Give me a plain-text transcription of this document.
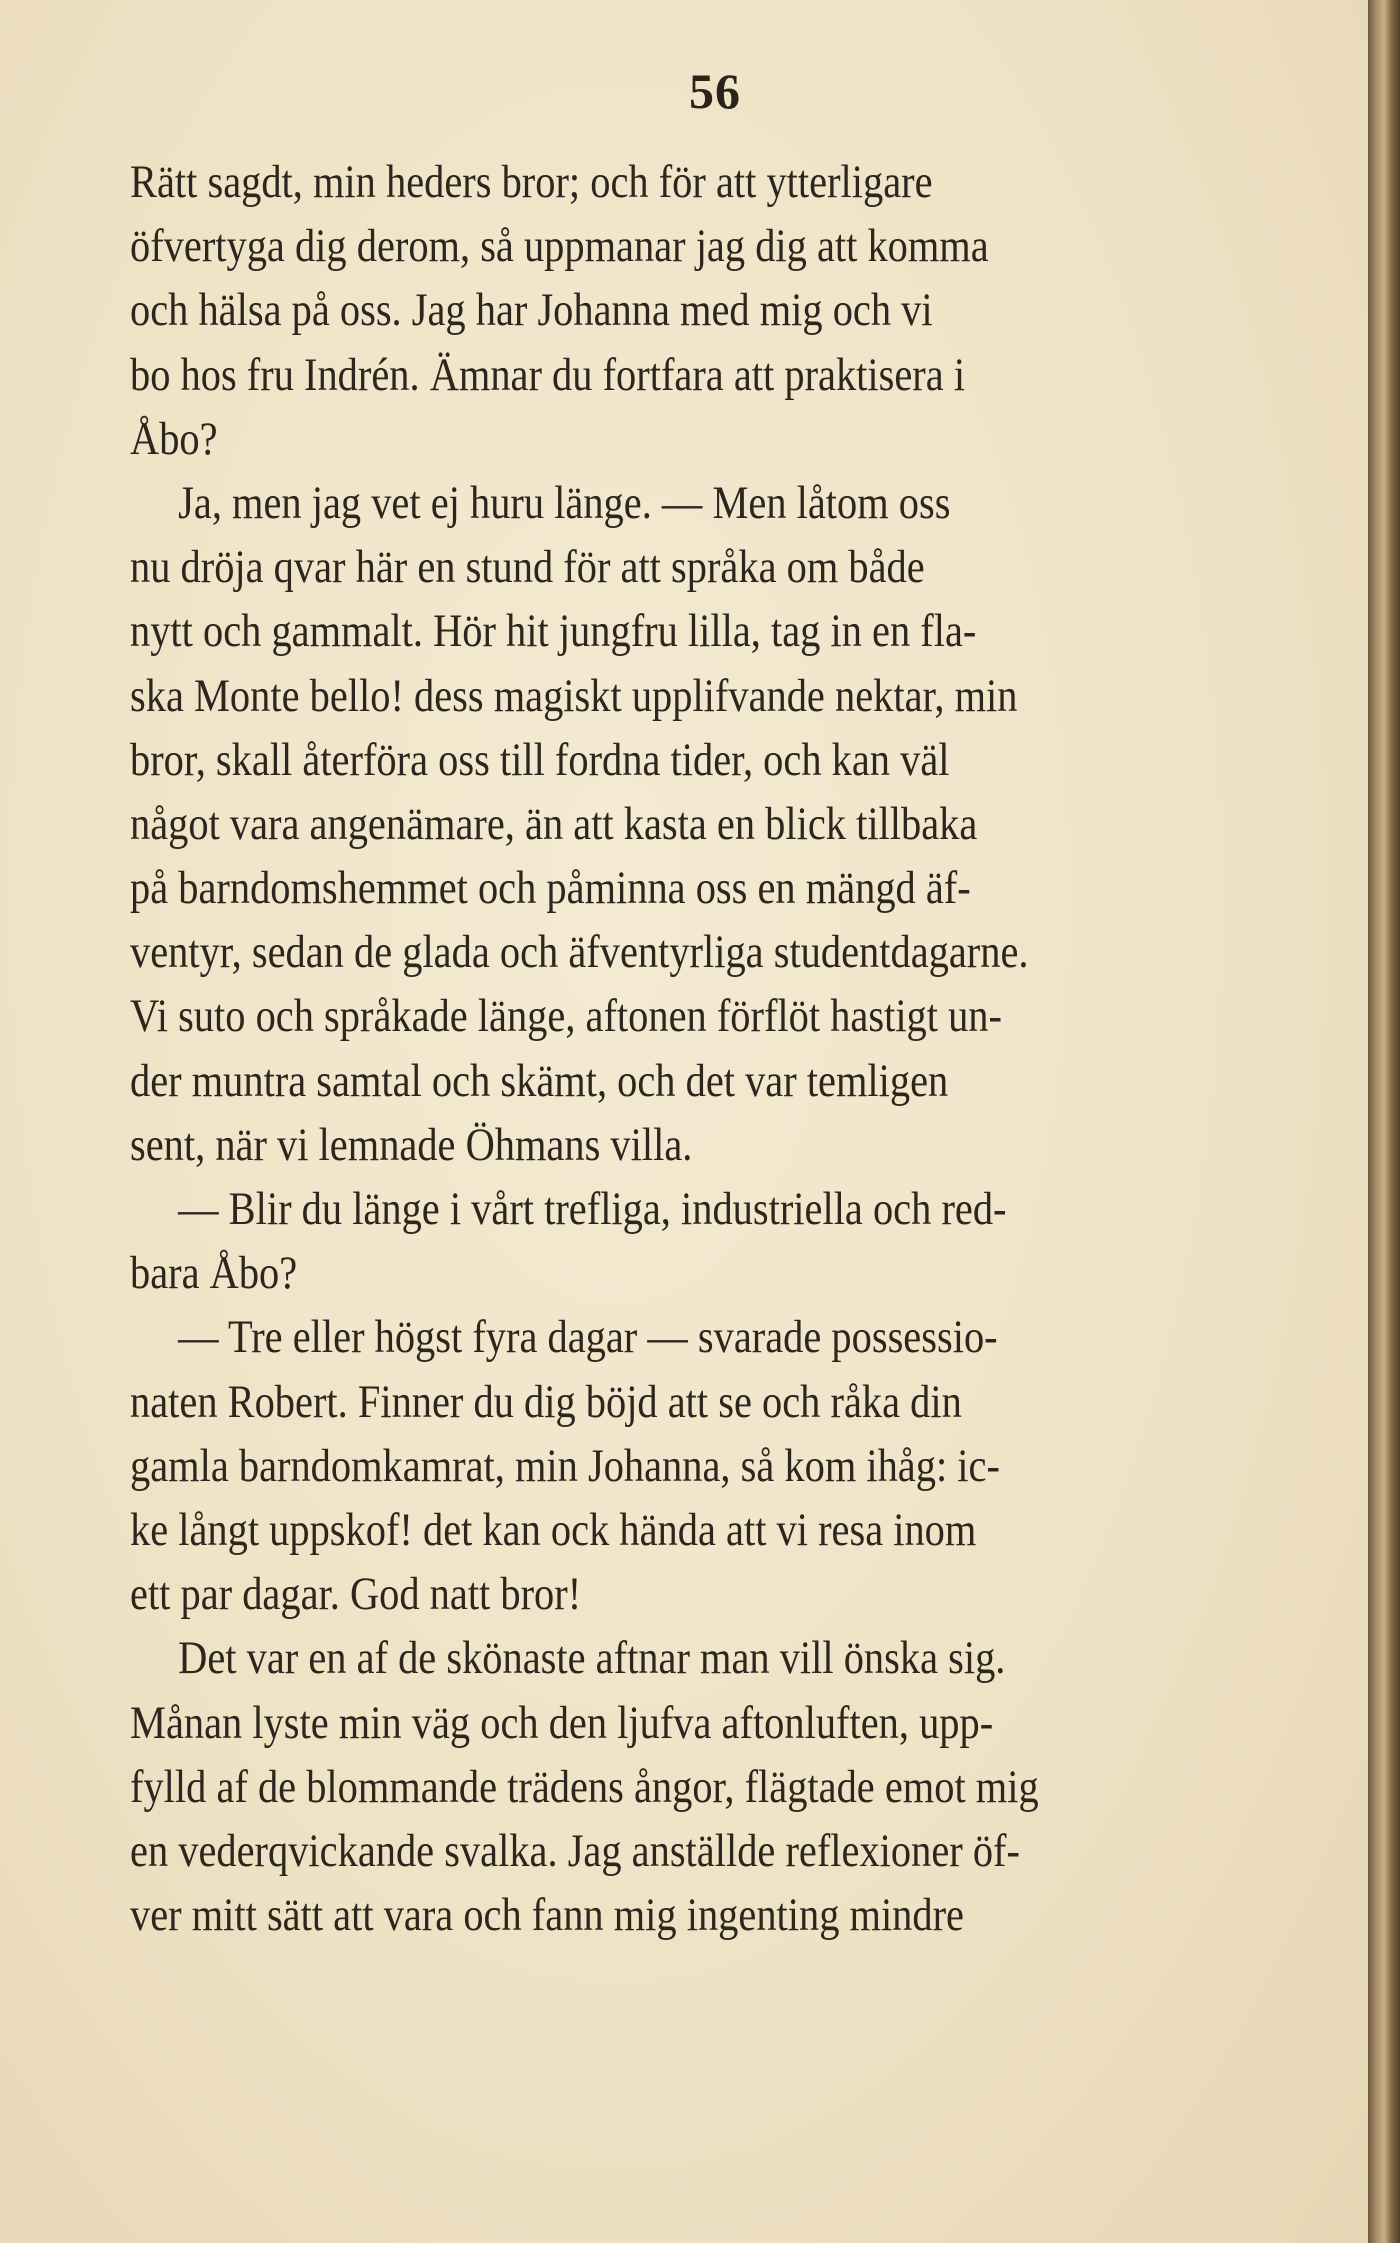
56
Rätt sagdt, min heders bror; och för att ytterligare
öfvertyga dig derom, så uppmanar jag dig att komma
och hälsa på oss. Jag har Johanna med mig och vi
bo hos fru Indrén. Ämnar du fortfara att praktisera i
Åbo?
Ja, men jag vet ej huru länge. — Men låtom oss
nu dröja qvar här en stund för att språka om både
nytt och gammalt. Hör hit jungfru lilla, tag in en fla-
ska Monte bello! dess magiskt upplifvande nektar, min
bror, skall återföra oss till fordna tider, och kan väl
något vara angenämare, än att kasta en blick tillbaka
på barndomshemmet och påminna oss en mängd äf-
ventyr, sedan de glada och äfventyrliga studentdagarne.
Vi suto och språkade länge, aftonen förflöt hastigt un-
der muntra samtal och skämt, och det var temligen
sent, när vi lemnade Öhmans villa.
— Blir du länge i vårt trefliga, industriella och red-
bara Åbo?
— Tre eller högst fyra dagar — svarade possessio-
naten Robert. Finner du dig böjd att se och råka din
gamla barndomkamrat, min Johanna, så kom ihåg: ic-
ke långt uppskof! det kan ock hända att vi resa inom
ett par dagar. God natt bror!
Det var en af de skönaste aftnar man vill önska sig.
Månan lyste min väg och den ljufva aftonluften, upp-
fylld af de blommande trädens ångor, flägtade emot mig
en vederqvickande svalka. Jag anställde reflexioner öf-
ver mitt sätt att vara och fann mig ingenting mindre
